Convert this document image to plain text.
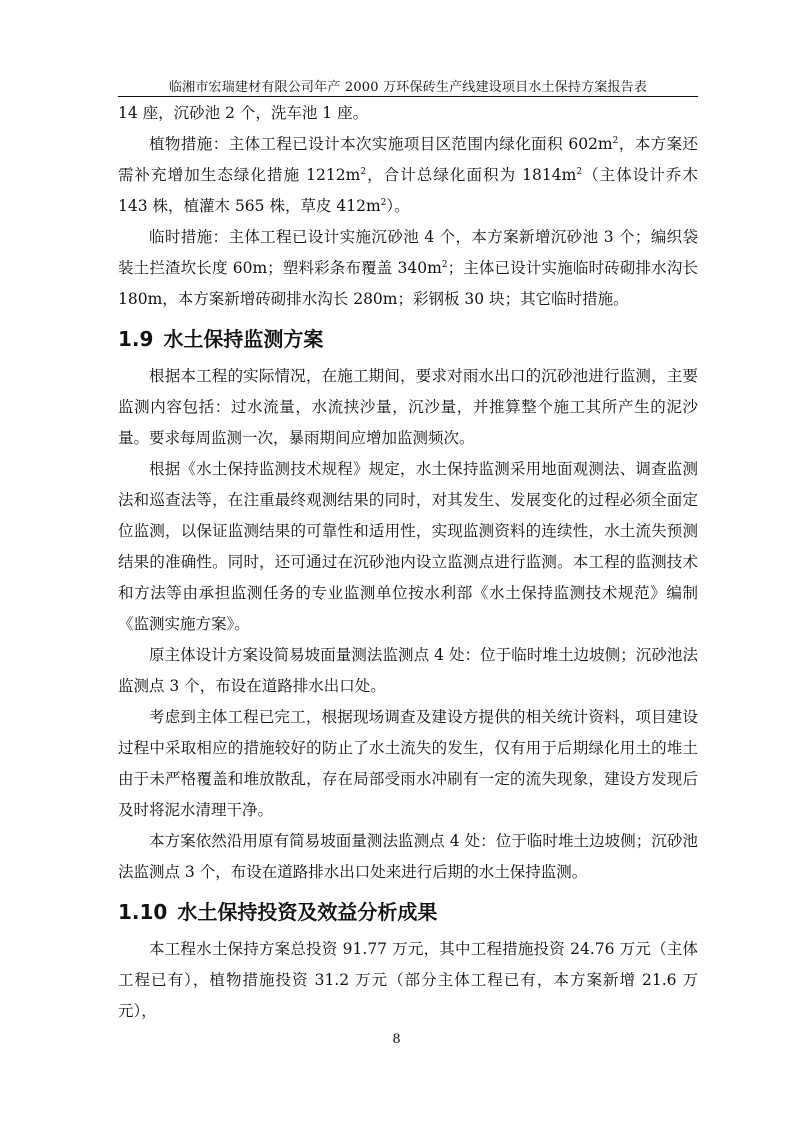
临湘市宏瑞建材有限公司年产 2000 万环保砖生产线建设项目水土保持方案报告表

14 座，沉砂池 2 个，洗车池 1 座。

植物措施：主体工程已设计本次实施项目区范围内绿化面积 $602m^2$，本方案还需补充增加生态绿化措施 $1212m^2$，合计总绿化面积为 $1814m^2$（主体设计乔木 143 株，植灌木 565 株，草皮 $412m^2$）。

临时措施：主体工程已设计实施沉砂池 4 个，本方案新增沉砂池 3 个；编织袋装土拦渣坎长度 60m；塑料彩条布覆盖 $340m^2$；主体已设计实施临时砖砌排水沟长 180m，本方案新增砖砌排水沟长 280m；彩钢板 30 块；其它临时措施。

1.9 水土保持监测方案

根据本工程的实际情况，在施工期间，要求对雨水出口的沉砂池进行监测，主要监测内容包括：过水流量，水流挟沙量，沉沙量，并推算整个施工其所产生的泥沙量。要求每周监测一次，暴雨期间应增加监测频次。

根据《水土保持监测技术规程》规定，水土保持监测采用地面观测法、调查监测法和巡查法等，在注重最终观测结果的同时，对其发生、发展变化的过程必须全面定位监测，以保证监测结果的可靠性和适用性，实现监测资料的连续性，水土流失预测结果的准确性。同时，还可通过在沉砂池内设立监测点进行监测。本工程的监测技术和方法等由承担监测任务的专业监测单位按水利部《水土保持监测技术规范》编制《监测实施方案》。

原主体设计方案设简易坡面量测法监测点 4 处：位于临时堆土边坡侧；沉砂池法监测点 3 个，布设在道路排水出口处。

考虑到主体工程已完工，根据现场调查及建设方提供的相关统计资料，项目建设过程中采取相应的措施较好的防止了水土流失的发生，仅有用于后期绿化用土的堆土由于未严格覆盖和堆放散乱，存在局部受雨水冲刷有一定的流失现象，建设方发现后及时将泥水清理干净。

本方案依然沿用原有简易坡面量测法监测点 4 处：位于临时堆土边坡侧；沉砂池法监测点 3 个，布设在道路排水出口处来进行后期的水土保持监测。

1.10 水土保持投资及效益分析成果

本工程水土保持方案总投资 91.77 万元，其中工程措施投资 24.76 万元（主体工程已有），植物措施投资 31.2 万元（部分主体工程已有，本方案新增 21.6 万元），

8
